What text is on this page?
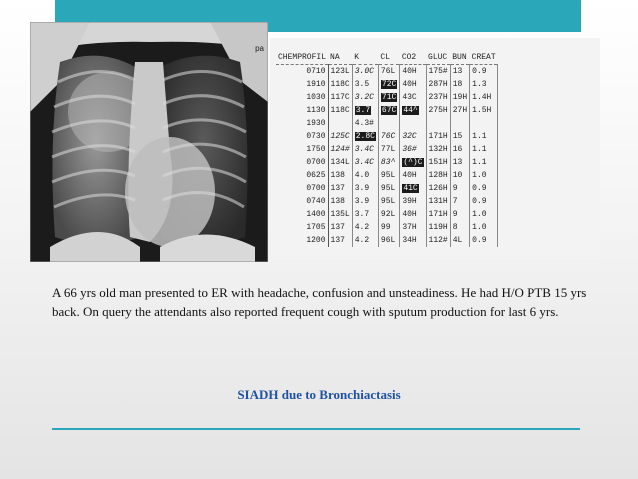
pa

CHEMPROFIL	NA	K	CL	CO2	GLUC	BUN	CREAT
0710	123L	3.0C	76L	40H	175#	13	0.9
1910	118C	3.5	72C	40H	287H	18	1.3
1030	117C	3.2C	71C	43C	237H	19H	1.4H
1130	118C	3.7	67C	44^	275H	27H	1.5H
1930		4.3#					
0730	125C	2.8C	76C	32C	171H	15	1.1
1750	124#	3.4C	77L	36#	132H	16	1.1
0700	134L	3.4C	83^	(^)C	151H	13	1.1
0625	138	4.0	95L	40H	128H	10	1.0
0700	137	3.9	95L	41C	126H	9	0.9
0740	138	3.9	95L	39H	131H	7	0.9
1400	135L	3.7	92L	40H	171H	9	1.0
1705	137	4.2	99	37H	119H	8	1.0
1200	137	4.2	96L	34H	112#	4L	0.9
A 66 yrs old man presented to ER with headache, confusion and unsteadiness. He had H/O PTB 15 yrs back. On query the attendants also reported frequent cough with sputum production for last 6 yrs.
SIADH due to Bronchiactasis
